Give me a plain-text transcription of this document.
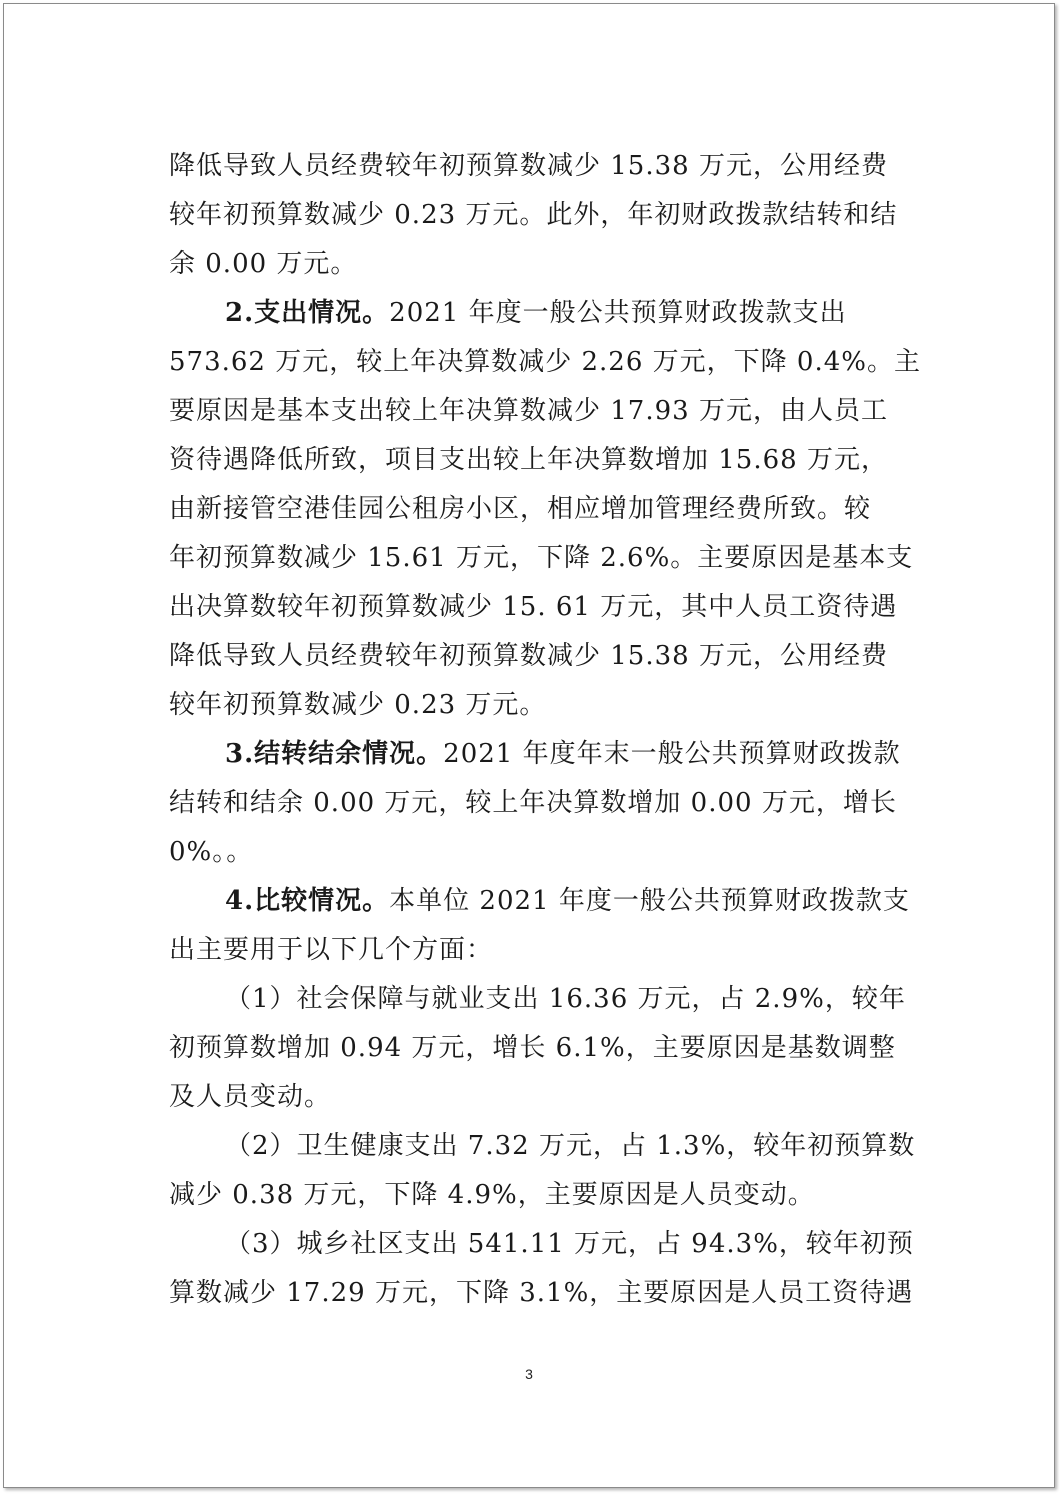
降低导致人员经费较年初预算数减少 15.38 万元，公用经费
较年初预算数减少 0.23 万元。此外，年初财政拨款结转和结
余 0.00 万元。
2.支出情况。2021 年度一般公共预算财政拨款支出
573.62 万元，较上年决算数减少 2.26 万元，下降 0.4%。主
要原因是基本支出较上年决算数减少 17.93 万元，由人员工
资待遇降低所致，项目支出较上年决算数增加 15.68 万元，
由新接管空港佳园公租房小区，相应增加管理经费所致。较
年初预算数减少 15.61 万元，下降 2.6%。主要原因是基本支
出决算数较年初预算数减少 15. 61 万元，其中人员工资待遇
降低导致人员经费较年初预算数减少 15.38 万元，公用经费
较年初预算数减少 0.23 万元。
3.结转结余情况。2021 年度年末一般公共预算财政拨款
结转和结余 0.00 万元，较上年决算数增加 0.00 万元，增长
0%。。
4.比较情况。本单位 2021 年度一般公共预算财政拨款支
出主要用于以下几个方面：
（1）社会保障与就业支出 16.36 万元，占 2.9%，较年
初预算数增加 0.94 万元，增长 6.1%，主要原因是基数调整
及人员变动。
（2）卫生健康支出 7.32 万元，占 1.3%，较年初预算数
减少 0.38 万元，下降 4.9%，主要原因是人员变动。
（3）城乡社区支出 541.11 万元，占 94.3%，较年初预
算数减少 17.29 万元，下降 3.1%，主要原因是人员工资待遇
3
